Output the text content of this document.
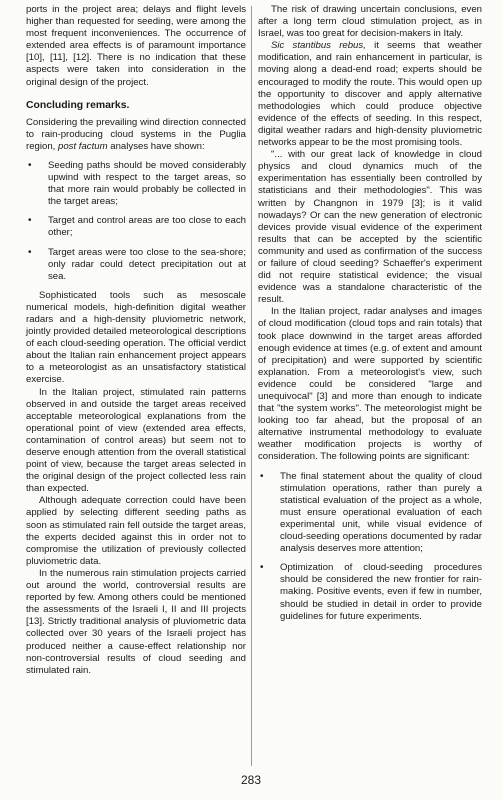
ports in the project area; delays and flight levels higher than requested for seeding, were among the most frequent inconveniences. The occurrence of extended area effects is of paramount importance [10], [11], [12]. There is no indication that these aspects were taken into consideration in the original design of the project.

Concluding remarks.

Considering the prevailing wind direction connected to rain-producing cloud systems in the Puglia region, post factum analyses have shown:

• Seeding paths should be moved considerably upwind with respect to the target areas, so that more rain would probably be collected in the target areas;
• Target and control areas are too close to each other;
• Target areas were too close to the sea-shore; only radar could detect precipitation out at sea.

Sophisticated tools such as mesoscale numerical models, high-definition digital weather radars and a high-density pluviometric network, jointly provided detailed meteorological descriptions of each cloud-seeding operation. The official verdict about the Italian rain enhancement project appears to a meteorologist as an unsatisfactory statistical exercise.

In the Italian project, stimulated rain patterns observed in and outside the target areas received acceptable meteorological explanations from the operational point of view (extended area effects, contamination of control areas) but seem not to deserve enough attention from the overall statistical point of view, because the target areas selected in the original design of the project collected less rain than expected.

Although adequate correction could have been applied by selecting different seeding paths as soon as stimulated rain fell outside the target areas, the experts decided against this in order not to compromise the utilization of previously collected pluviometric data.

In the numerous rain stimulation projects carried out around the world, controversial results are reported by few. Among others could be mentioned the assessments of the Israeli I, II and III projects [13]. Strictly traditional analysis of pluviometric data collected over 30 years of the Israeli project has produced neither a cause-effect relationship nor non-controversial results of cloud seeding and stimulated rain.

The risk of drawing uncertain conclusions, even after a long term cloud stimulation project, as in Israel, was too great for decision-makers in Italy.

Sic stantibus rebus, it seems that weather modification, and rain enhancement in particular, is moving along a dead-end road; experts should be encouraged to modify the route. This would open up the opportunity to discover and apply alternative methodologies which could produce objective evidence of the effects of seeding. In this respect, digital weather radars and high-density pluviometric networks appear to be the most promising tools.

"... with our great lack of knowledge in cloud physics and cloud dynamics much of the experimentation has essentially been controlled by statisticians and their methodologies". This was written by Changnon in 1979 [3]; is it valid nowadays? Or can the new generation of electronic devices provide visual evidence of the experiment results that can be accepted by the scientific community and used as confirmation of the success or failure of cloud seeding? Schaeffer's experiment did not require statistical evidence; the visual evidence was a standalone characteristic of the result.

In the Italian project, radar analyses and images of cloud modification (cloud tops and rain totals) that took place downwind in the target areas afforded enough evidence at times (e.g. of extent and amount of precipitation) and were supported by scientific explanation. From a meteorologist's view, such evidence could be considered "large and unequivocal" [3] and more than enough to indicate that "the system works". The meteorologist might be looking too far ahead, but the proposal of an alternative instrumental methodology to evaluate weather modification projects is worthy of consideration. The following points are significant:

• The final statement about the quality of cloud stimulation operations, rather than purely a statistical evaluation of the project as a whole, must ensure operational evaluation of each experimental unit, while visual evidence of cloud-seeding operations documented by radar analysis deserves more attention;
• Optimization of cloud-seeding procedures should be considered the new frontier for rain-making. Positive events, even if few in number, should be studied in detail in order to provide guidelines for future experiments.
283
